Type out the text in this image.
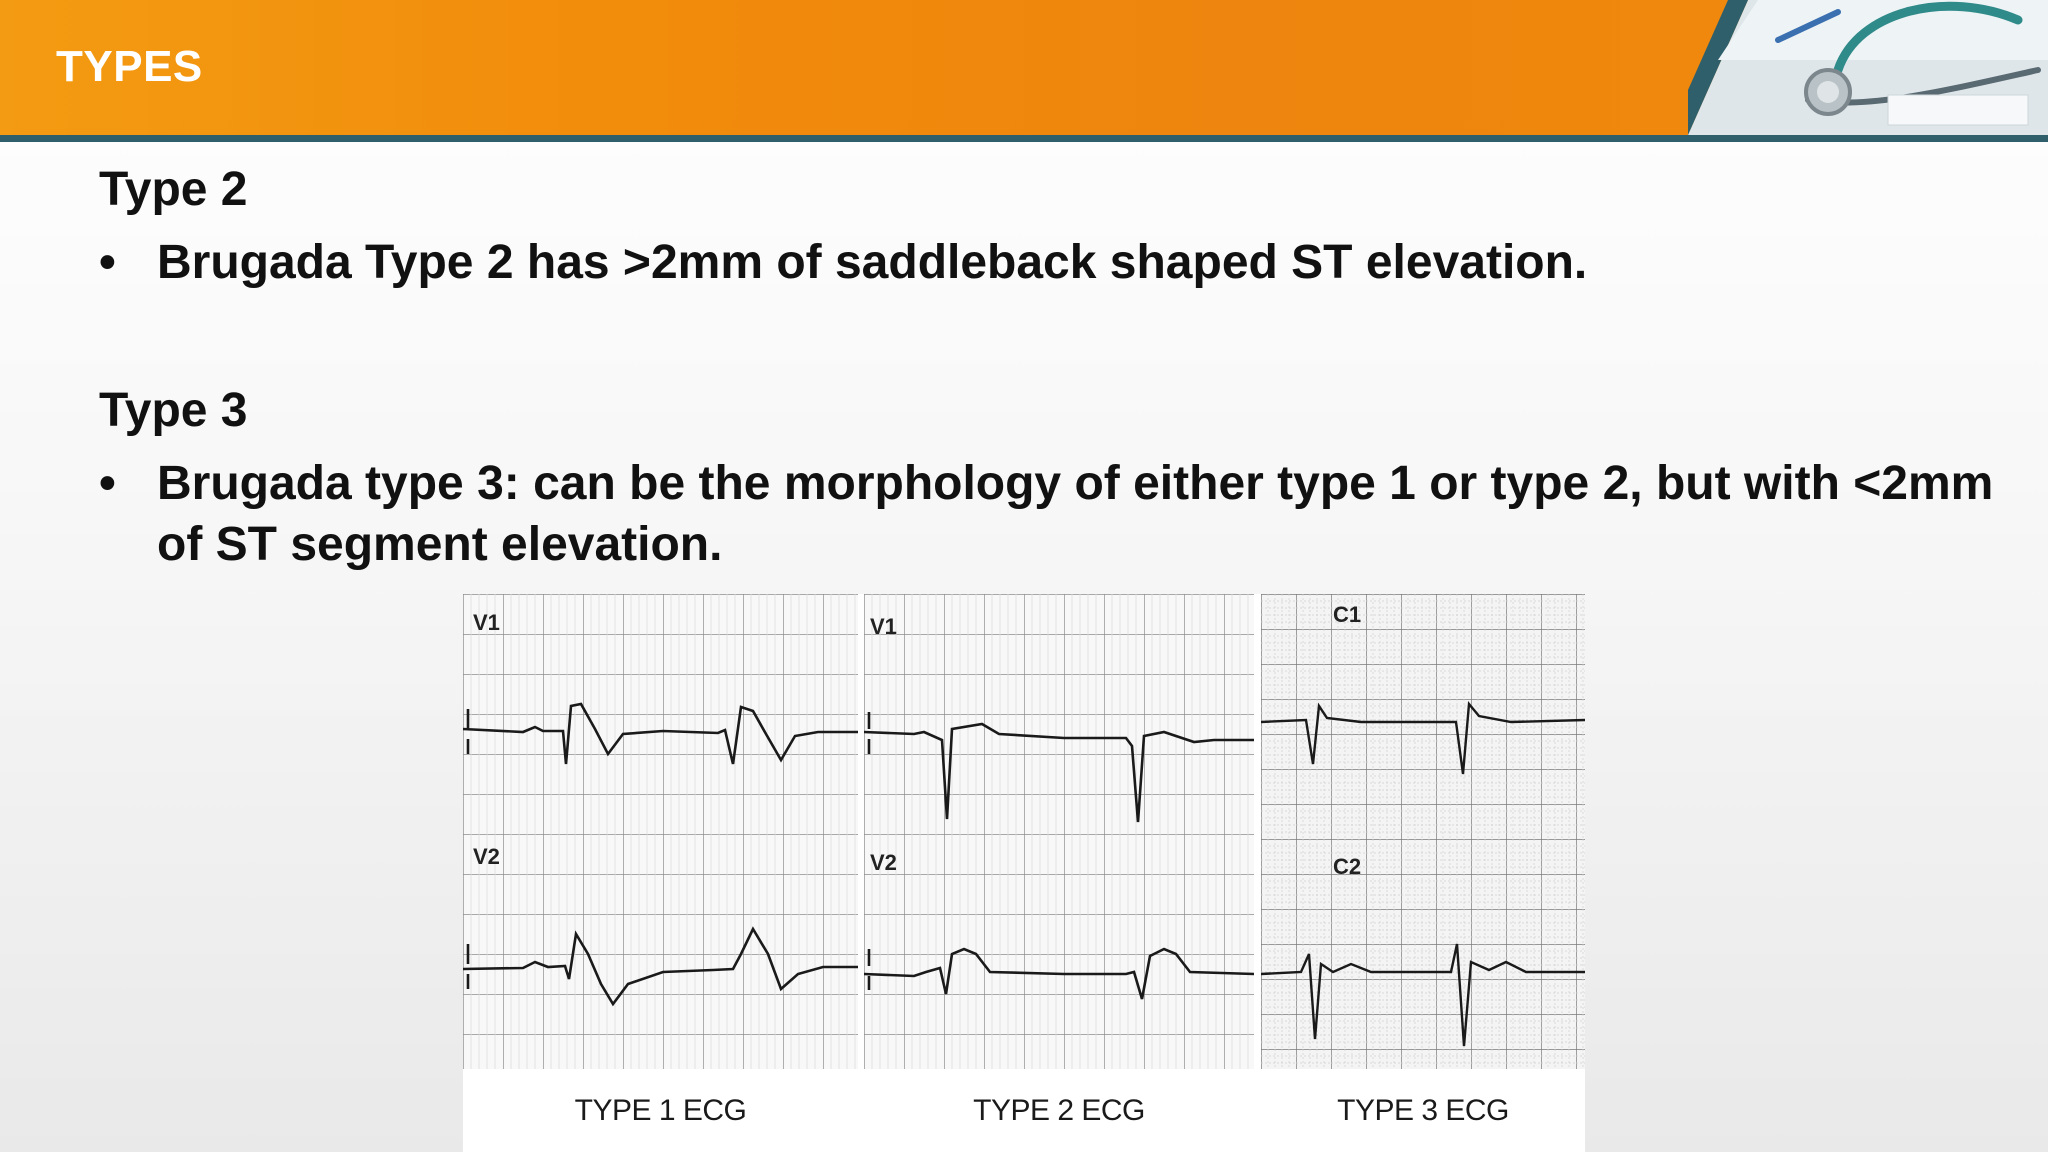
TYPES
Type 2
• Brugada Type 2 has >2mm of saddleback shaped ST elevation.
Type 3
• Brugada type 3: can be the morphology of either type 1 or type 2, but with <2mm of ST segment elevation.
V1
V2
V1
V2
C1
C2
TYPE 1 ECG	TYPE 2 ECG	TYPE 3 ECG
